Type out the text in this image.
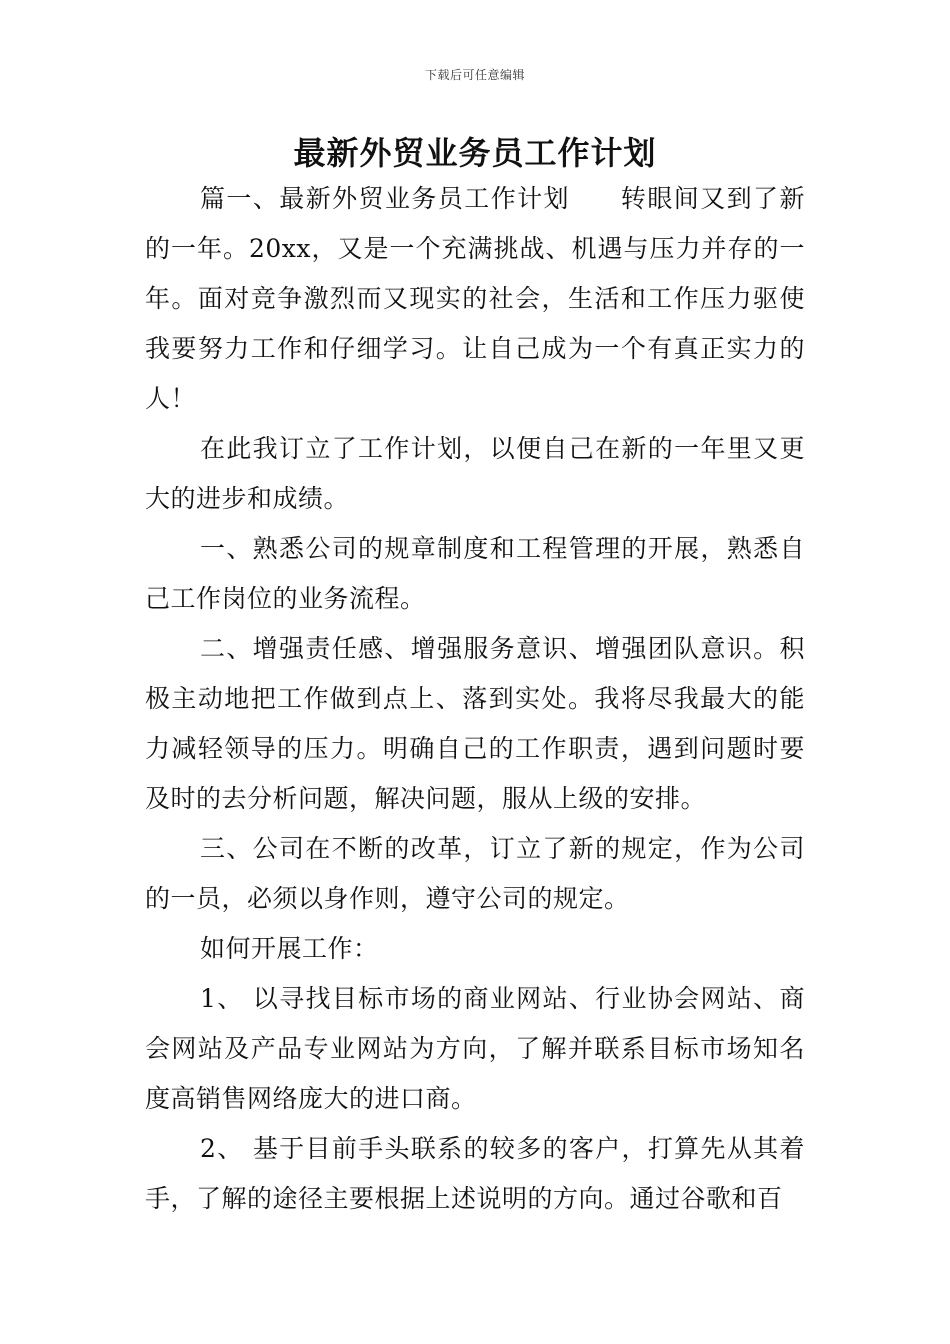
下载后可任意编辑
最新外贸业务员工作计划

篇一、最新外贸业务员工作计划 转眼间又到了新的一年。20xx，又是一个充满挑战、机遇与压力并存的一年。面对竞争激烈而又现实的社会，生活和工作压力驱使我要努力工作和仔细学习。让自己成为一个有真正实力的人！

在此我订立了工作计划，以便自己在新的一年里又更大的进步和成绩。

一、熟悉公司的规章制度和工程管理的开展，熟悉自己工作岗位的业务流程。

二、增强责任感、增强服务意识、增强团队意识。积极主动地把工作做到点上、落到实处。我将尽我最大的能力减轻领导的压力。明确自己的工作职责，遇到问题时要及时的去分析问题，解决问题，服从上级的安排。

三、公司在不断的改革，订立了新的规定，作为公司的一员，必须以身作则，遵守公司的规定。

如何开展工作：

1、 以寻找目标市场的商业网站、行业协会网站、商会网站及产品专业网站为方向，了解并联系目标市场知名度高销售网络庞大的进口商。

2、 基于目前手头联系的较多的客户，打算先从其着手，了解的途径主要根据上述说明的方向。通过谷歌和百
